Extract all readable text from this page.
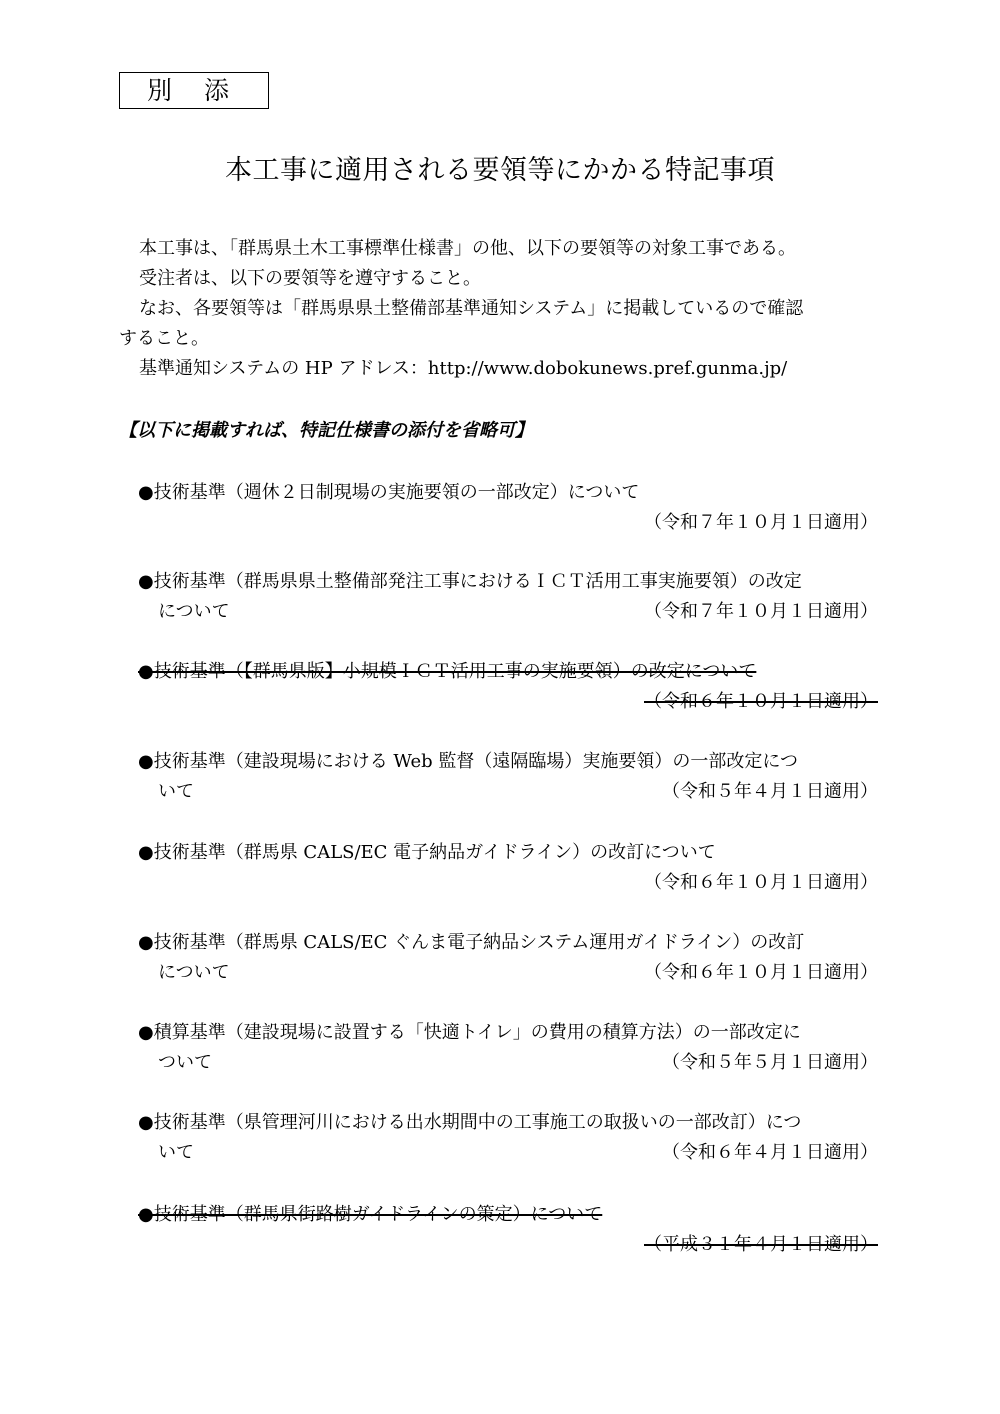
別 添
本工事に適用される要領等にかかる特記事項

本工事は、「群馬県土木工事標準仕様書」の他、以下の要領等の対象工事である。

受注者は、以下の要領等を遵守すること。

なお、各要領等は「群馬県県土整備部基準通知システム」に掲載しているので確認

すること。

基準通知システムの HP アドレス：http://www.dobokunews.pref.gunma.jp/

【以下に掲載すれば、特記仕様書の添付を省略可】
●技術基準（週休２日制現場の実施要領の一部改定）について
（令和７年１０月１日適用）
●技術基準（群馬県県土整備部発注工事におけるＩＣＴ活用工事実施要領）の改定
について	（令和７年１０月１日適用）
●技術基準（【群馬県版】小規模ＩＣＴ活用工事の実施要領）の改定について
（令和６年１０月１日適用）
●技術基準（建設現場における Web 監督（遠隔臨場）実施要領）の一部改定につ
いて	（令和５年４月１日適用）
●技術基準（群馬県 CALS/EC 電子納品ガイドライン）の改訂について
（令和６年１０月１日適用）
●技術基準（群馬県 CALS/EC ぐんま電子納品システム運用ガイドライン）の改訂
について	（令和６年１０月１日適用）
●積算基準（建設現場に設置する「快適トイレ」の費用の積算方法）の一部改定に
ついて	（令和５年５月１日適用）
●技術基準（県管理河川における出水期間中の工事施工の取扱いの一部改訂）につ
いて	（令和６年４月１日適用）
●技術基準（群馬県街路樹ガイドラインの策定）について
（平成３１年４月１日適用）
